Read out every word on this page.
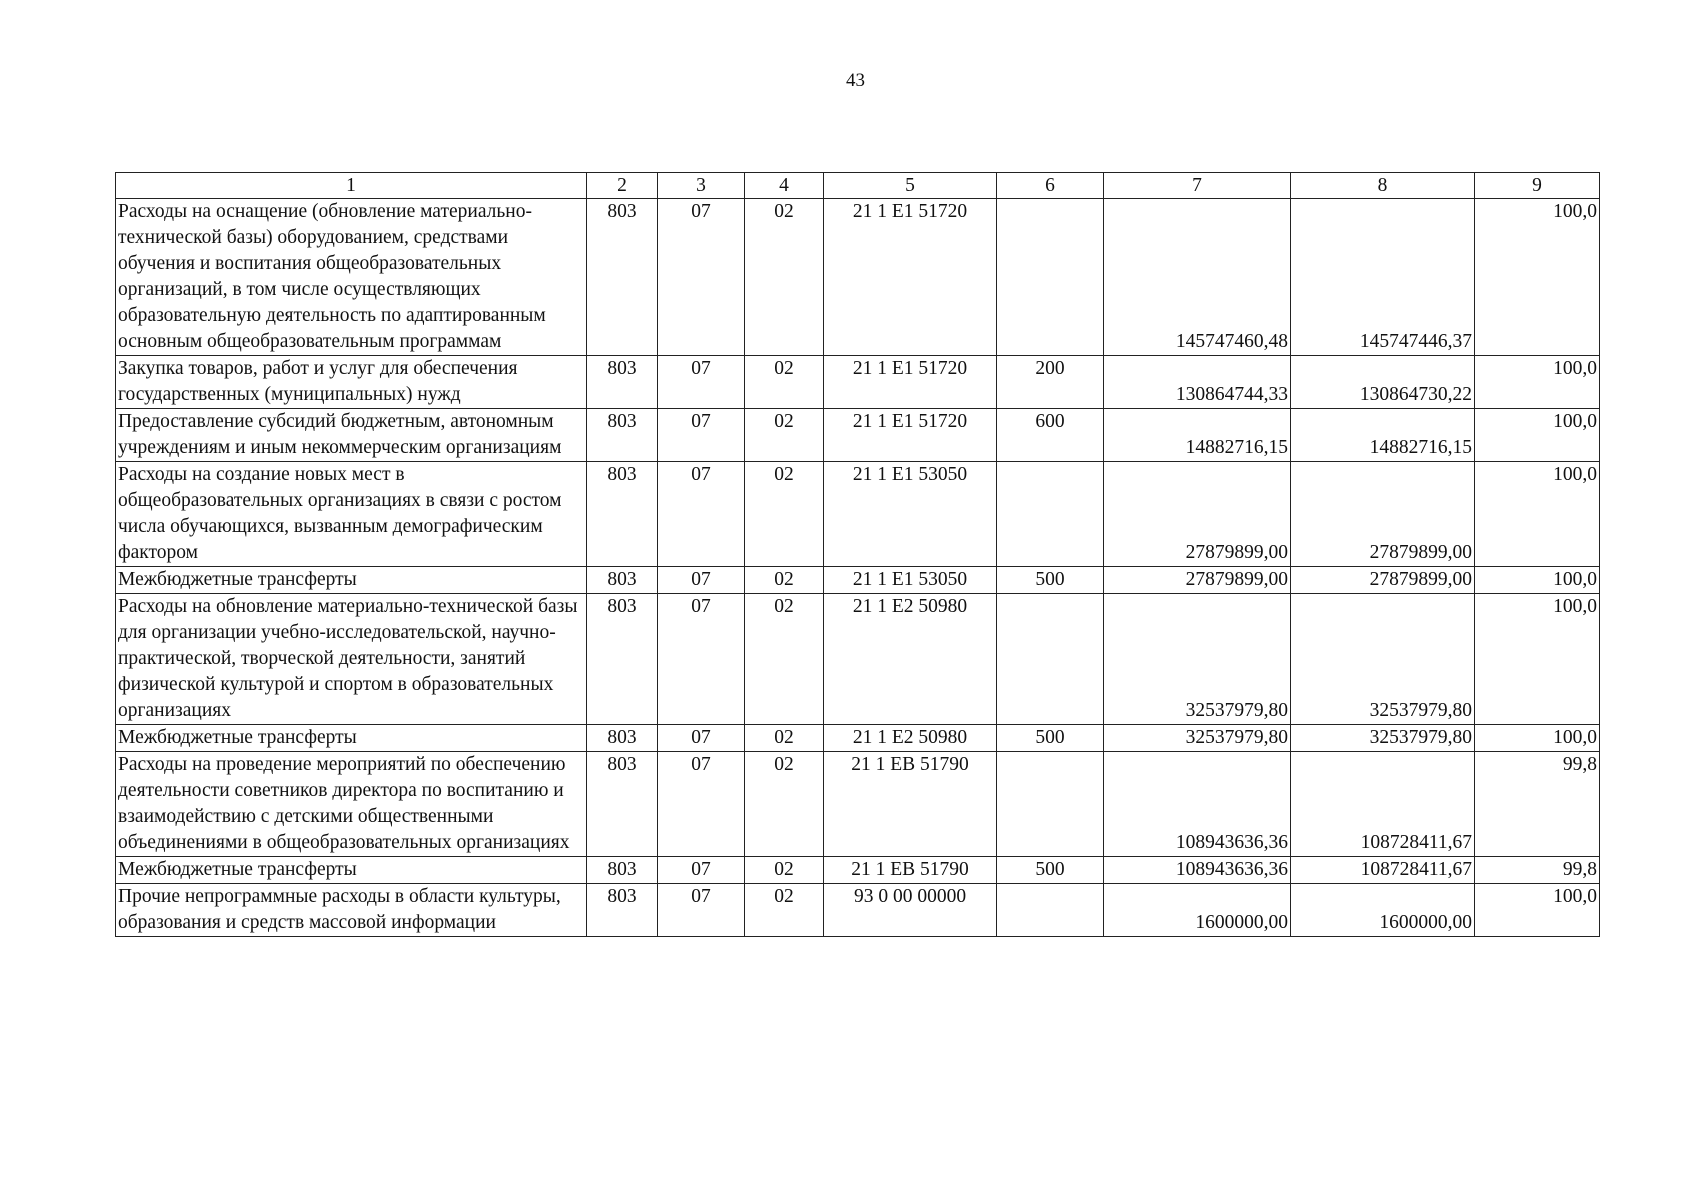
43
1	2	3	4	5	6	7	8	9
Расходы на оснащение (обновление материально-технической базы) оборудованием, средствами обучения и воспитания общеобразовательных организаций, в том числе осуществляющих образовательную деятельность по адаптированным основным общеобразовательным программам	803	07	02	21 1 Е1 51720		145747460,48	145747446,37	100,0
Закупка товаров, работ и услуг для обеспечения государственных (муниципальных) нужд	803	07	02	21 1 Е1 51720	200	130864744,33	130864730,22	100,0
Предоставление субсидий бюджетным, автономным учреждениям и иным некоммерческим организациям	803	07	02	21 1 Е1 51720	600	14882716,15	14882716,15	100,0
Расходы на создание новых мест в общеобразовательных организациях в связи с ростом числа обучающихся, вызванным демографическим фактором	803	07	02	21 1 Е1 53050		27879899,00	27879899,00	100,0
Межбюджетные трансферты	803	07	02	21 1 Е1 53050	500	27879899,00	27879899,00	100,0
Расходы на обновление материально-технической базы для организации учебно-исследовательской, научно-практической, творческой деятельности, занятий физической культурой и спортом в образовательных организациях	803	07	02	21 1 Е2 50980		32537979,80	32537979,80	100,0
Межбюджетные трансферты	803	07	02	21 1 Е2 50980	500	32537979,80	32537979,80	100,0
Расходы на проведение мероприятий по обеспечению деятельности советников директора по воспитанию и взаимодействию с детскими общественными объединениями в общеобразовательных организациях	803	07	02	21 1 ЕВ 51790		108943636,36	108728411,67	99,8
Межбюджетные трансферты	803	07	02	21 1 ЕВ 51790	500	108943636,36	108728411,67	99,8
Прочие непрограммные расходы в области культуры, образования и средств массовой информации	803	07	02	93 0 00 00000		1600000,00	1600000,00	100,0
